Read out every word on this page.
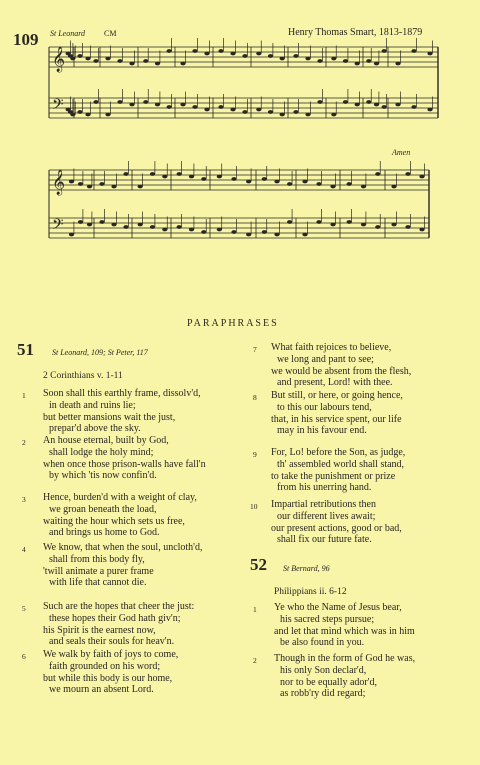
109 St Leonard CM	Henry Thomas Smart, 1813-1879
Amen
𝄞
𝄢
𝄞
𝄢
PARAPHRASES
51 St Leonard, 109; St Peter, 117
2 Corinthians v. 1-11
1 Soon shall this earthly frame, dissolv'd,
in death and ruins lie;
but better mansions wait the just,
prepar'd above the sky.
2 An house eternal, built by God,
shall lodge the holy mind;
when once those prison-walls have fall'n
by which 'tis now confin'd.
3 Hence, burden'd with a weight of clay,
we groan beneath the load,
waiting the hour which sets us free,
and brings us home to God.
4 We know, that when the soul, unclоth'd,
shall from this body fly,
'twill animate a purer frame
with life that cannot die.
5 Such are the hopes that cheer the just:
these hopes their God hath giv'n;
his Spirit is the earnest now,
and seals their souls for heav'n.
6 We walk by faith of joys to come,
faith grounded on his word;
but while this body is our home,
we mourn an absent Lord.
7 What faith rejoices to believe,
we long and pant to see;
we would be absent from the flesh,
and present, Lord! with thee.
8 But still, or here, or going hence,
to this our labours tend,
that, in his service spent, our life
may in his favour end.
9 For, Lo! before the Son, as judge,
th' assembled world shall stand,
to take the punishment or prize
from his unerring hand.
10 Impartial retributions then
our different lives await;
our present actions, good or bad,
shall fix our future fate.
52 St Bernard, 96
Philippians ii. 6-12
1 Ye who the Name of Jesus bear,
his sacred steps pursue;
and let that mind which was in him
be also found in you.
2 Though in the form of God he was,
his only Son declar'd,
nor to be equally ador'd,
as robb'ry did regard;
